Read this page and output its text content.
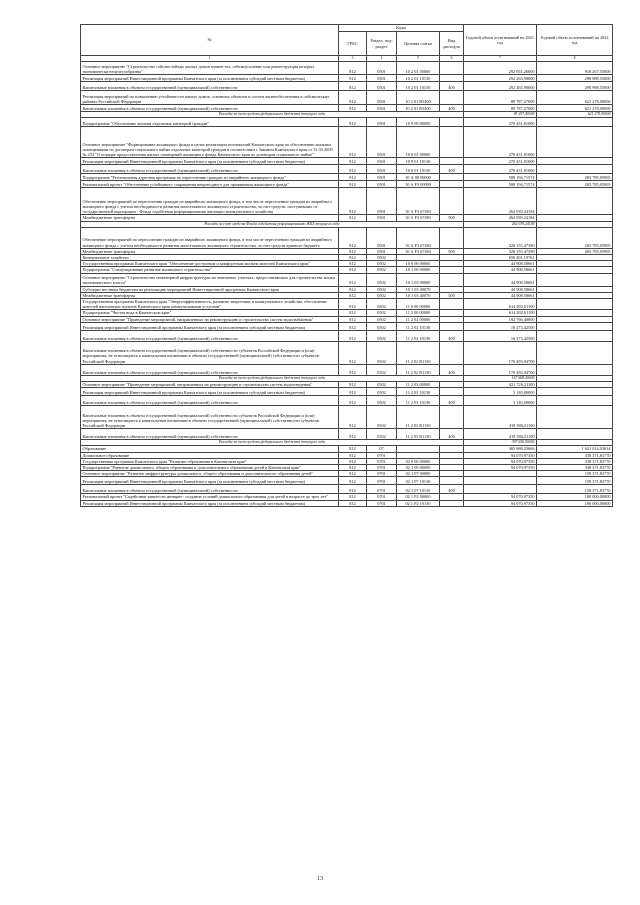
№	Коды				Годовой объем ассигнований на 2021 год	Годовой объем ассигнований на 2022 год
	ГРБС	Раздел, под-раздел	Целевая статья	Вид расходов		
1	3	4	5	6	7	8
Основное мероприятие "Строительство сейсмостойких жилых домов взамен тех, сейсмоусиление или реконструкция которых экономически нецелесообразны"	812	0501	10 2 01 00000		292 051,26000	918 267,55000
Реализация мероприятий Инвестиционной программы Камчатского края (за исключением субсидий местным бюджетам)	812	0501	10 2 01 10130		292 263,98000	298 988,55000
Капитальные вложения в объекты государственной (муниципальной) собственности	812	0501	10 2 01 10130	400	292 263,98000	298 988,55000
Реализация мероприятий по повышению устойчивости жилых домов, основных объектов и систем жизнеобеспечения в сейсмических районах Российской Федерации	812	0501	10 2 01 R5400		89 787,27000	621 278,00000
Капитальные вложения в объекты государственной (муниципальной) собственности	812	0501	10 2 01 R5400	400	89 787,27000	621 278,00000
Расходы за счет средств федерального бюджета текущего года					85 297,40000	621 278,00000
Подпрограмма "Обеспечение жильем отдельных категорий граждан"	812	0501	10 9 00 00000		270 431,81000	
Основное мероприятие "Формирование жилищного фонда в целях реализации полномочий Камчатского края по обеспечению жилыми помещениями по договорам социального найма отдельных категорий граждан в соответствии с Законом Камчатского края от 31.03.2009 № 253 "О порядке предоставления жилых помещений жилищного фонда Камчатского края по договорам социального найма""	812	0501	10 9 01 00000		270 431,81000	
Реализация мероприятий Инвестиционной программы Камчатского края (за исключением субсидий местным бюджетам)	812	0501	10 9 01 10130		270 431,81000	
Капитальные вложения в объекты государственной (муниципальной) собственности	812	0501	10 9 01 10130	400	270 431,81000	
Подпрограмма "Региональная адресная программа по переселению граждан из аварийного жилищного фонда"	812	0501	10 А 00 00000		588 194,71574	283 785,05905
Региональный проект "Обеспечение устойчивого сокращения непригодного для проживания жилищного фонда"	812	0501	10 А F3 00000		588 194,71574	283 785,05905
Обеспечение мероприятий по переселению граждан из аварийного жилищного фонда, в том числе переселению граждан из аварийного жилищного фонда с учетом необходимости развития малоэтажного жилищного строительства, за счет средств, поступивших от государственной корпорации - Фонда содействия реформированию жилищно-коммунального хозяйства	812	0501	10 А F3 67483		262 039,24184	
Межбюджетные трансферты	812	0501	10 А F3 67483	500	262 039,24184	
Расходы за счет средств Фонда содействия реформированию ЖКХ текущего года					262 039,24184	
Обеспечение мероприятий по переселению граждан из аварийного жилищного фонда, в том числе переселению граждан из аварийного жилищного фонда с учетом необходимости развития малоэтажного жилищного строительства, за счет средств краевого бюджета	812	0501	10 А F3 67484		326 155,47390	283 785,05905
Межбюджетные трансферты	812	0501	10 А F3 67484	500	326 155,47390	283 785,05905
Коммунальное хозяйство	812	0502			650 401,19761	
Государственная программа Камчатского края "Обеспечение доступным и комфортным жильем жителей Камчатского края"	812	0502	10 0 00 00000		44 908,58661	
Подпрограмма "Стимулирование развития жилищного строительства"	812	0502	10 1 00 00000		44 908,58661	
Основное мероприятие "Строительство инженерной инфраструктуры на земельных участках, предоставляемых для строительства жилья экономического класса"	812	0502	10 1 03 00000		44 908,58661	
Субсидии местным бюджетам на реализацию мероприятий Инвестиционной программы Камчатского края	812	0502	10 1 03 40070		44 908,58661	
Межбюджетные трансферты	812	0502	10 1 03 40070	500	44 908,58661	
Государственная программа Камчатского края "Энергоэффективность, развитие энергетики и коммунального хозяйства, обеспечение жителей населенных пунктов Камчатского края коммунальными услугами"	812	0502	11 0 00 00000		614 492,61100	
Подпрограмма "Чистая вода в Камчатском крае"	812	0502	11 2 00 00000		614 492,61100	
Основное мероприятие "Проведение мероприятий, направленных на реконструкцию и строительство систем водоснабжения"	812	0502	11 2 02 00000		192 766,40000	
Реализация мероприятий Инвестиционной программы Камчатского края (за исключением субсидий местным бюджетам)	812	0502	11 2 02 10130		16 273,42500	
Капитальные вложения в объекты государственной (муниципальной) собственности	812	0502	11 2 02 10130	400	16 273,42500	
Капитальные вложения в объекты государственной (муниципальной) собственности субъектов Российской Федерации и (или) мероприятия, не относящиеся к капитальным вложениям в объекты государственной (муниципальной) собственности субъектов Российской Федерации	812	0502	11 2 02 R1130		176 493,94700	
Капитальные вложения в объекты государственной (муниципальной) собственности	812	0502	11 2 02 R1130	400	176 493,94700	
Расходы за счет средств федерального бюджета текущего года					167 668,40000	
Основное мероприятие "Проведение мероприятий, направленных на реконструкцию и строительство систем водоотведения"	812	0502	11 2 03 00000		421 726,21100	
Реализация мероприятий Инвестиционной программы Камчатского края (за исключением субсидий местным бюджетам)	812	0502	11 2 03 10130		3 140,00000	
Капитальные вложения в объекты государственной (муниципальной) собственности	812	0502	11 2 03 10130	400	3 140,00000	
Капитальные вложения в объекты государственной (муниципальной) собственности субъектов Российской Федерации и (или) мероприятия, не относящиеся к капитальным вложениям в объекты государственной (муниципальной) собственности субъектов Российской Федерации	812	0502	11 2 03 R1130		418 586,21100	
Капитальные вложения в объекты государственной (муниципальной) собственности	812	0502	11 2 03 R1130	400	418 586,21100	
Расходы за счет средств федерального бюджета текущего года					397 656,90000	
Образование	812	07			465 688,23666	1 621 014,03634
Дошкольное образование	812	0701			94 070,97350	338 371,83770
Государственная программа Камчатского края "Развитие образования в Камчатском крае"	812	0701	02 0 00 00000		94 070,97350	338 371,83770
Подпрограмма "Развитие дошкольного, общего образования и дополнительного образования детей в Камчатском крае"	812	0701	02 1 00 00000		94 070,97350	338 371,83770
Основное мероприятие "Развитие инфраструктуры дошкольного, общего образования и дополнительного образования детей"	812	0701	02 1 07 00000			158 371,83770
Реализация мероприятий Инвестиционной программы Камчатского края (за исключением субсидий местным бюджетам)	812	0701	02 1 07 10130			158 371,83770
Капитальные вложения в объекты государственной (муниципальной) собственности	812	0701	02 1 07 10130	400		158 371,83770
Региональный проект "Содействие занятости женщин - создание условий дошкольного образования для детей в возрасте до трех лет"	812	0701	02 1 P2 00000		94 070,97350	180 000,00000
Реализация мероприятий Инвестиционной программы Камчатского края (за исключением субсидий местным бюджетам)	812	0701	02 1 P2 10130		94 070,97350	180 000,00000
13
